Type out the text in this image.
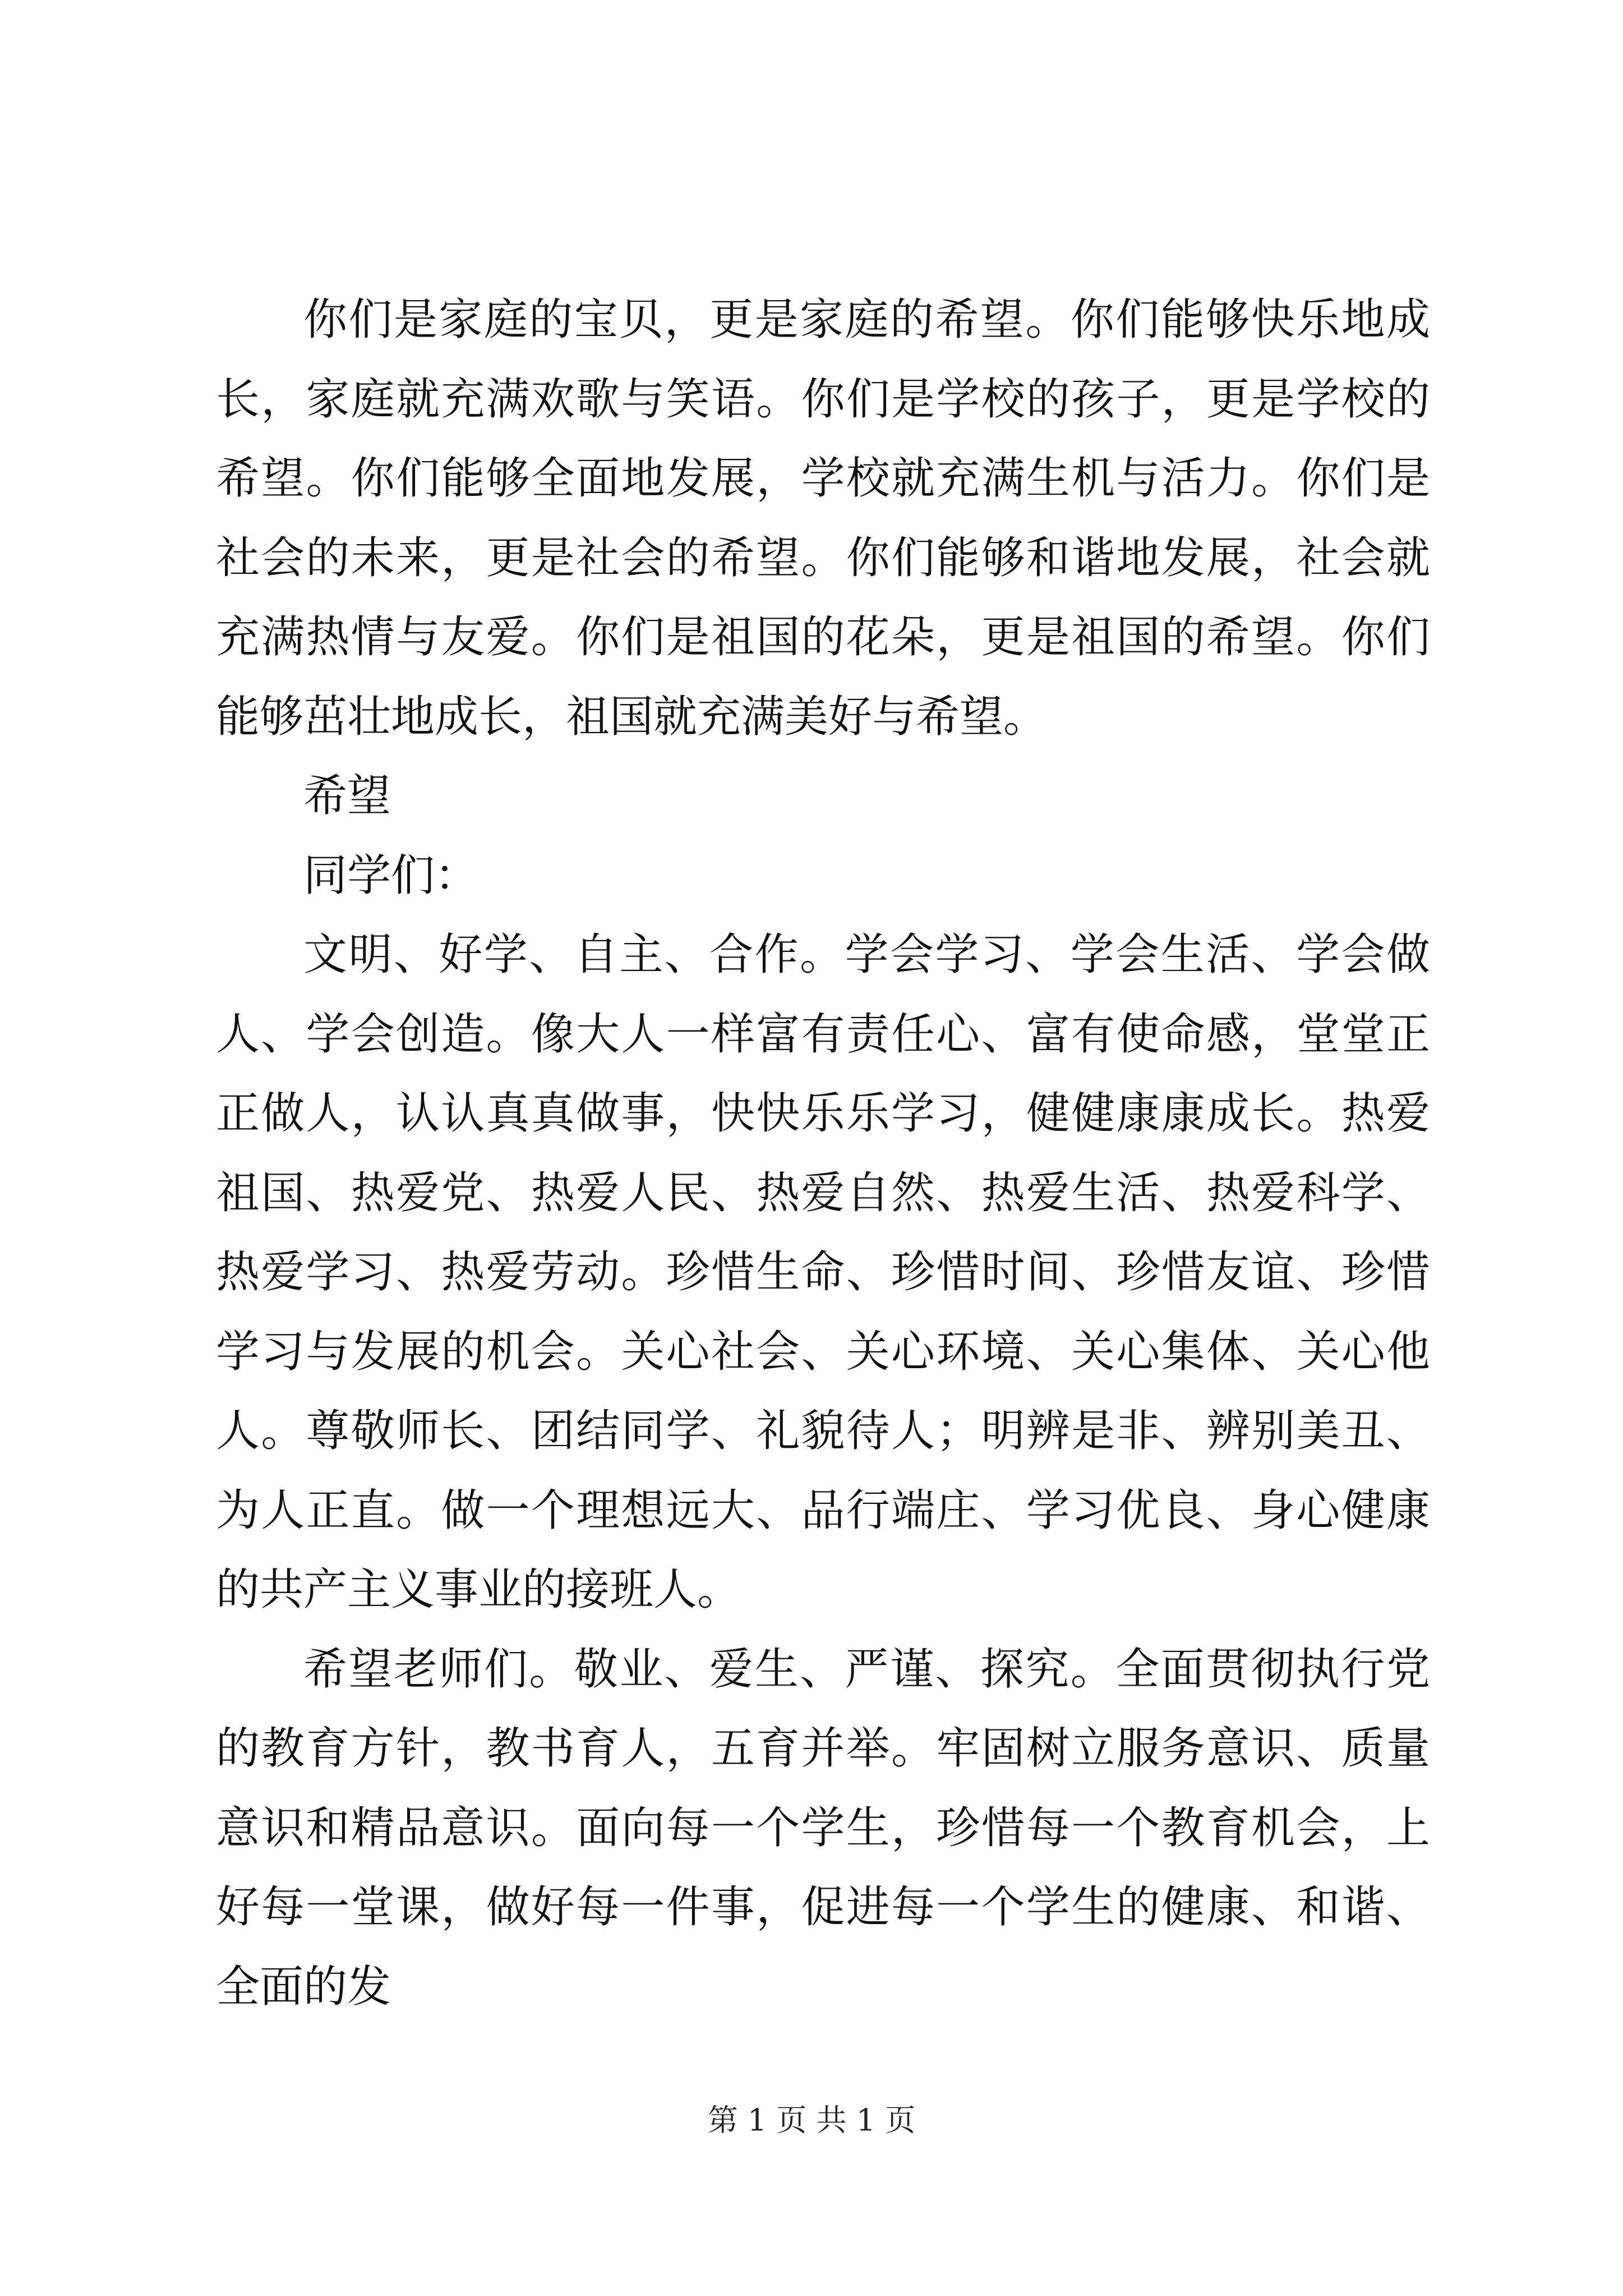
你们是家庭的宝贝，更是家庭的希望。你们能够快乐地成长，家庭就充满欢歌与笑语。你们是学校的孩子，更是学校的希望。你们能够全面地发展，学校就充满生机与活力。你们是社会的未来，更是社会的希望。你们能够和谐地发展，社会就充满热情与友爱。你们是祖国的花朵，更是祖国的希望。你们能够茁壮地成长，祖国就充满美好与希望。

希望

同学们：

文明、好学、自主、合作。学会学习、学会生活、学会做人、学会创造。像大人一样富有责任心、富有使命感，堂堂正正做人，认认真真做事，快快乐乐学习，健健康康成长。热爱祖国、热爱党、热爱人民、热爱自然、热爱生活、热爱科学、热爱学习、热爱劳动。珍惜生命、珍惜时间、珍惜友谊、珍惜学习与发展的机会。关心社会、关心环境、关心集体、关心他人。尊敬师长、团结同学、礼貌待人；明辨是非、辨别美丑、为人正直。做一个理想远大、品行端庄、学习优良、身心健康的共产主义事业的接班人。

希望老师们。敬业、爱生、严谨、探究。全面贯彻执行党的教育方针，教书育人，五育并举。牢固树立服务意识、质量意识和精品意识。面向每一个学生，珍惜每一个教育机会，上好每一堂课，做好每一件事，促进每一个学生的健康、和谐、全面的发

第 1 页 共 1 页
